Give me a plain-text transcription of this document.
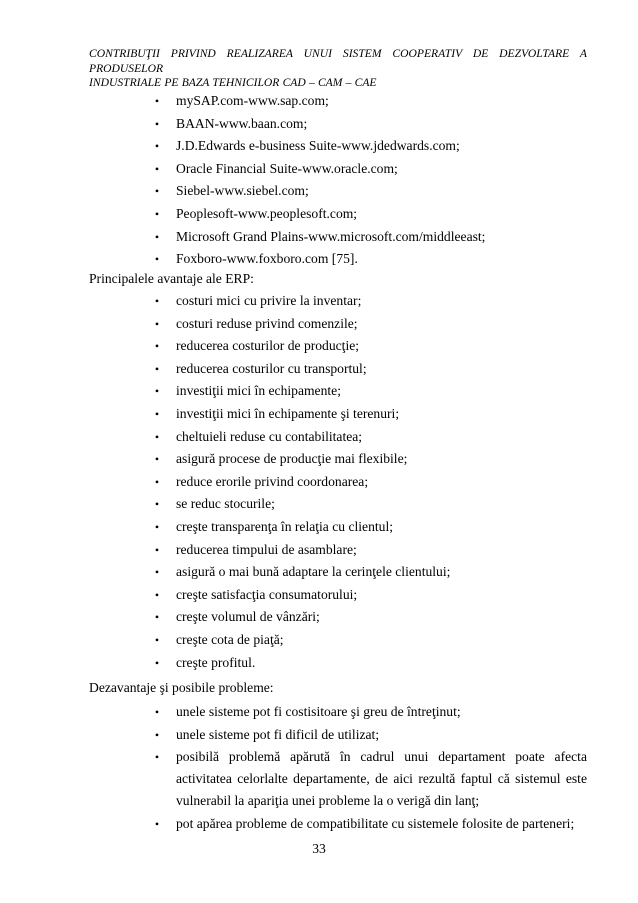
CONTRIBUŢII PRIVIND REALIZAREA UNUI SISTEM COOPERATIV DE DEZVOLTARE A PRODUSELOR
INDUSTRIALE PE BAZA TEHNICILOR CAD – CAM – CAE
•	mySAP.com-www.sap.com;
•	BAAN-www.baan.com;
•	J.D.Edwards e-business Suite-www.jdedwards.com;
•	Oracle Financial Suite-www.oracle.com;
•	Siebel-www.siebel.com;
•	Peoplesoft-www.peoplesoft.com;
•	Microsoft Grand Plains-www.microsoft.com/middleeast;
•	Foxboro-www.foxboro.com [75].
Principalele avantaje ale ERP:
•	costuri mici cu privire la inventar;
•	costuri reduse privind comenzile;
•	reducerea costurilor de producţie;
•	reducerea costurilor cu transportul;
•	investiţii mici în echipamente;
•	investiţii mici în echipamente şi terenuri;
•	cheltuieli reduse cu contabilitatea;
•	asigură procese de producţie mai flexibile;
•	reduce erorile privind coordonarea;
•	se reduc stocurile;
•	creşte transparenţa în relaţia cu clientul;
•	reducerea timpului de asamblare;
•	asigură o mai bună adaptare la cerinţele clientului;
•	creşte satisfacţia consumatorului;
•	creşte volumul de vânzări;
•	creşte cota de piaţă;
•	creşte profitul.
Dezavantaje şi posibile probleme:
•	unele sisteme pot fi costisitoare şi greu de întreţinut;
•	unele sisteme pot fi dificil de utilizat;
•	posibilă problemă apărută în cadrul unui departament poate afecta activitatea celorlalte departamente, de aici rezultă faptul că sistemul este vulnerabil la apariţia unei probleme la o verigă din lanţ;
•	pot apărea probleme de compatibilitate cu sistemele folosite de parteneri;
33
